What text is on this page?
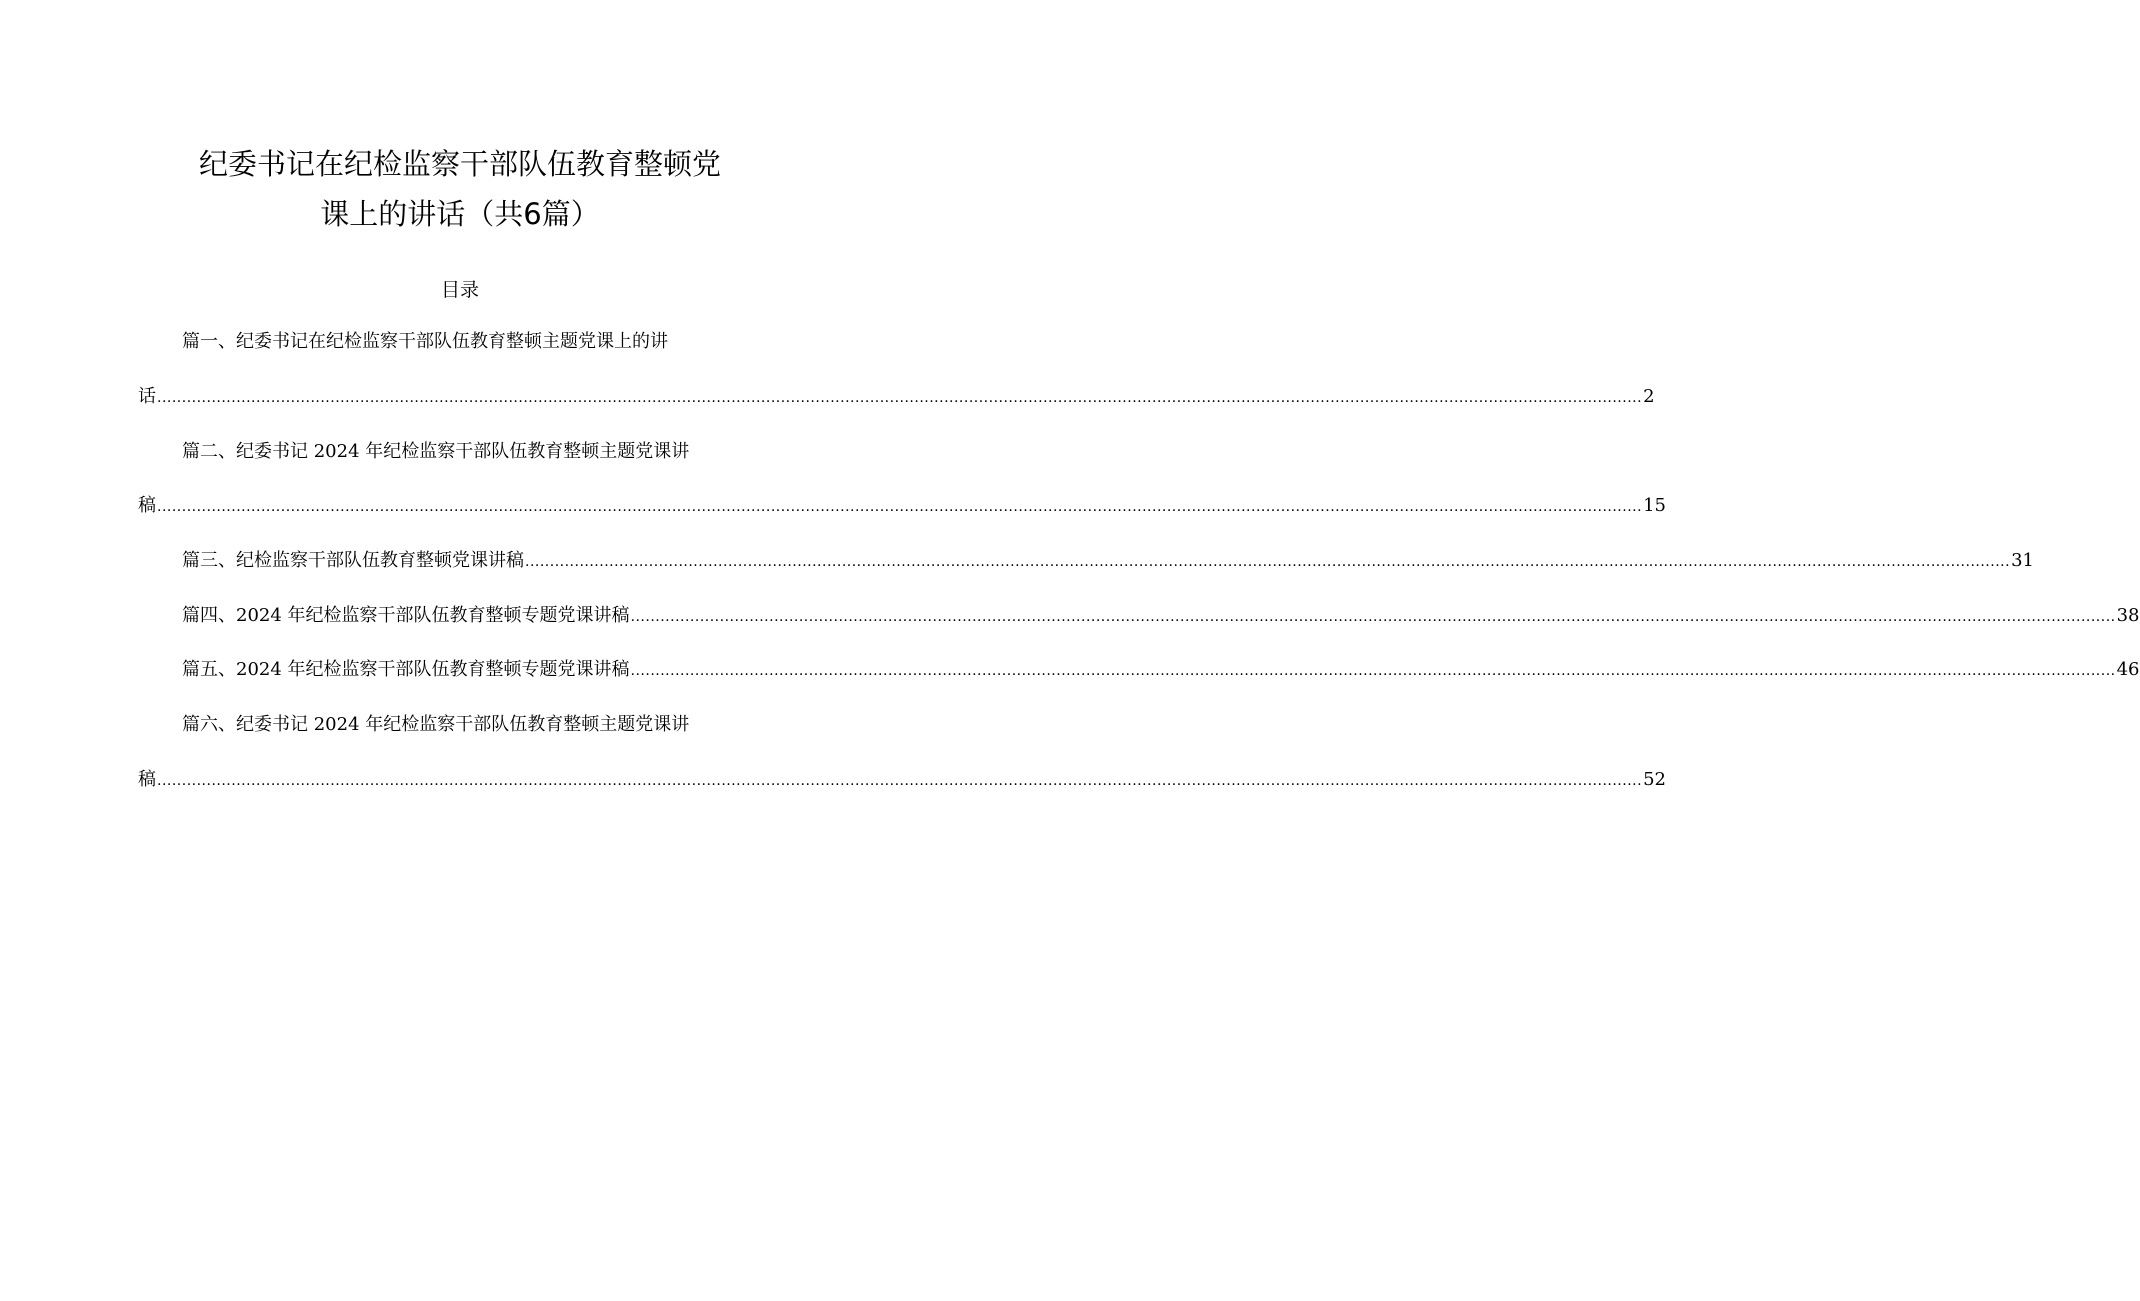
纪委书记在纪检监察干部队伍教育整顿党
课上的讲话（共6篇）
目录
篇一、纪委书记在纪检监察干部队伍教育整顿主题党课上的讲
话 ............................................................................................................................................................................................................................................................................................................ 2
篇二、纪委书记 2024 年纪检监察干部队伍教育整顿主题党课讲
稿 ............................................................................................................................................................................................................................................................................................................ 15
篇三、纪检监察干部队伍教育整顿党课讲稿 ............................................................................................................................................................................................................................................................................................................ 31
篇四、2024 年纪检监察干部队伍教育整顿专题党课讲稿 ............................................................................................................................................................................................................................................................................................................ 38
篇五、2024 年纪检监察干部队伍教育整顿专题党课讲稿 ............................................................................................................................................................................................................................................................................................................ 46
篇六、纪委书记 2024 年纪检监察干部队伍教育整顿主题党课讲
稿 ............................................................................................................................................................................................................................................................................................................ 52
